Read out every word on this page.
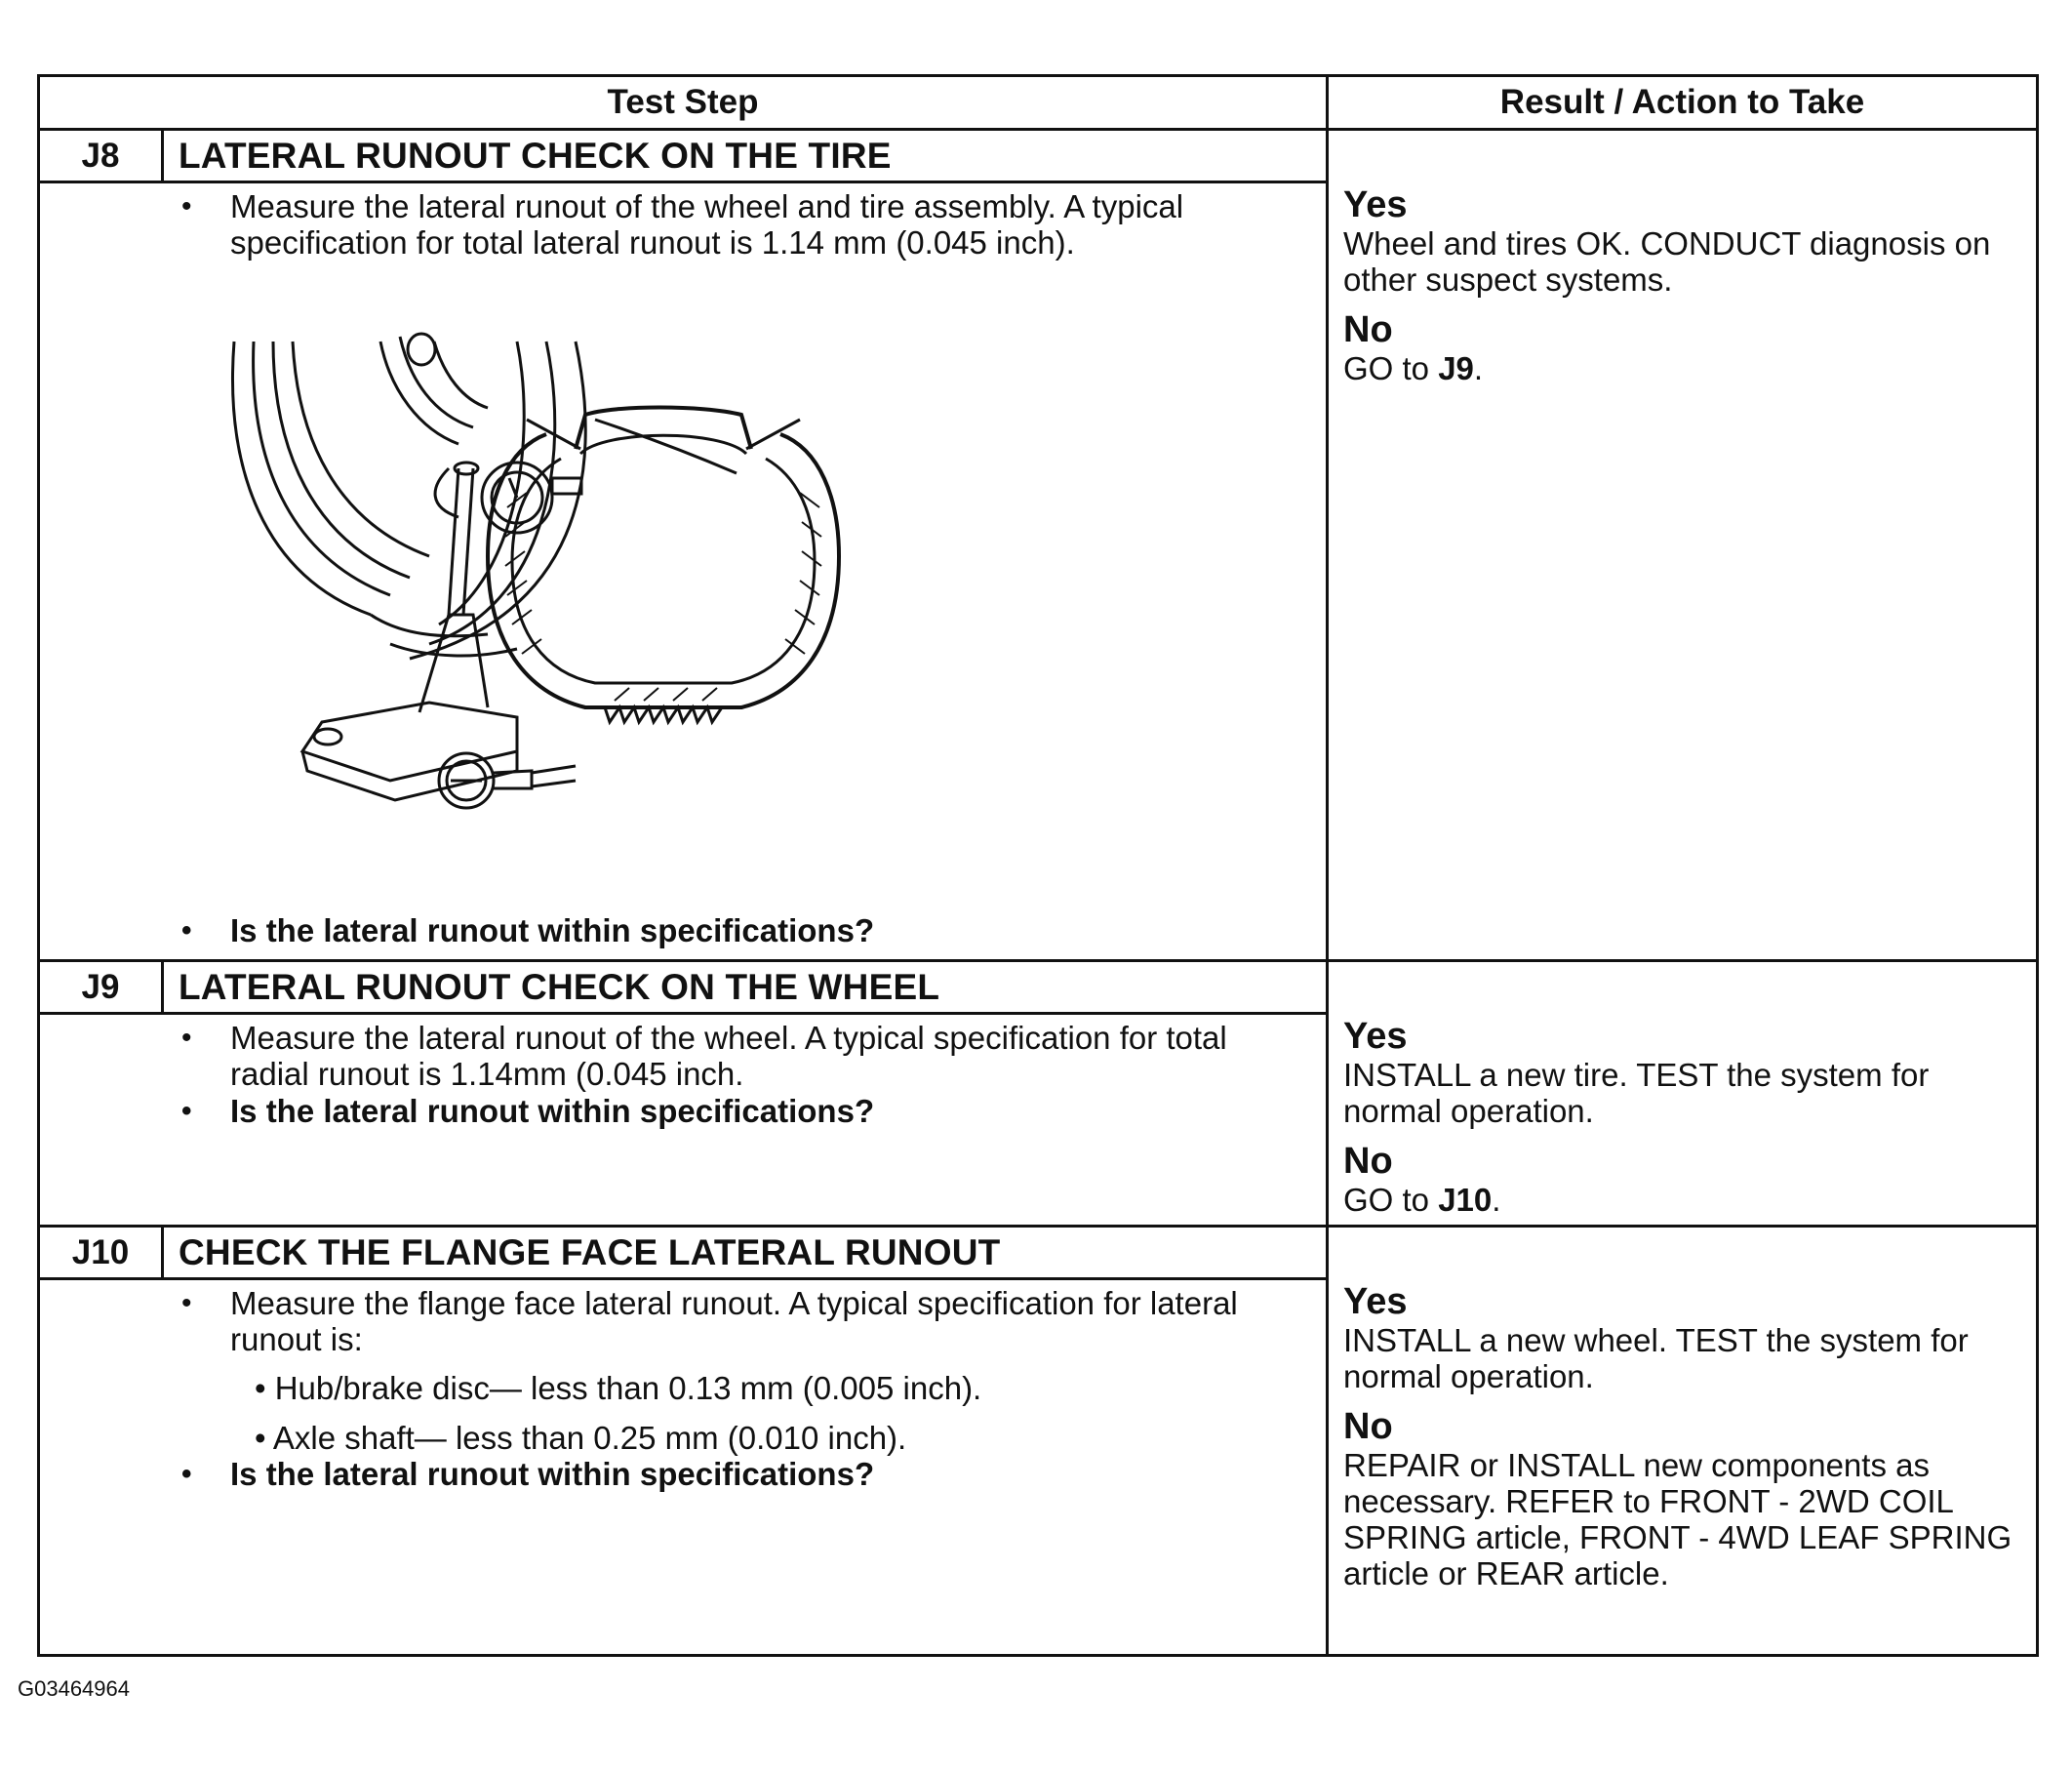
Test Step	Result / Action to Take
J8	LATERAL RUNOUT CHECK ON THE TIRE
• Measure the lateral runout of the wheel and tire assembly. A typical specification for total lateral runout is 1.14 mm (0.045 inch).
• Is the lateral runout within specifications?
Yes

Wheel and tires OK. CONDUCT diagnosis on other suspect systems.

No

GO to J9.

J9	LATERAL RUNOUT CHECK ON THE WHEEL
• Measure the lateral runout of the wheel. A typical specification for total radial runout is 1.14mm (0.045 inch.
• Is the lateral runout within specifications?
Yes

INSTALL a new tire. TEST the system for normal operation.

No

GO to J10.

J10	CHECK THE FLANGE FACE LATERAL RUNOUT
• Measure the flange face lateral runout. A typical specification for lateral runout is:
• Hub/brake disc— less than 0.13 mm (0.005 inch).
• Axle shaft— less than 0.25 mm (0.010 inch).
• Is the lateral runout within specifications?
Yes

INSTALL a new wheel. TEST the system for normal operation.

No

REPAIR or INSTALL new components as necessary. REFER to FRONT - 2WD COIL SPRING article, FRONT - 4WD LEAF SPRING article or REAR article.

G03464964
